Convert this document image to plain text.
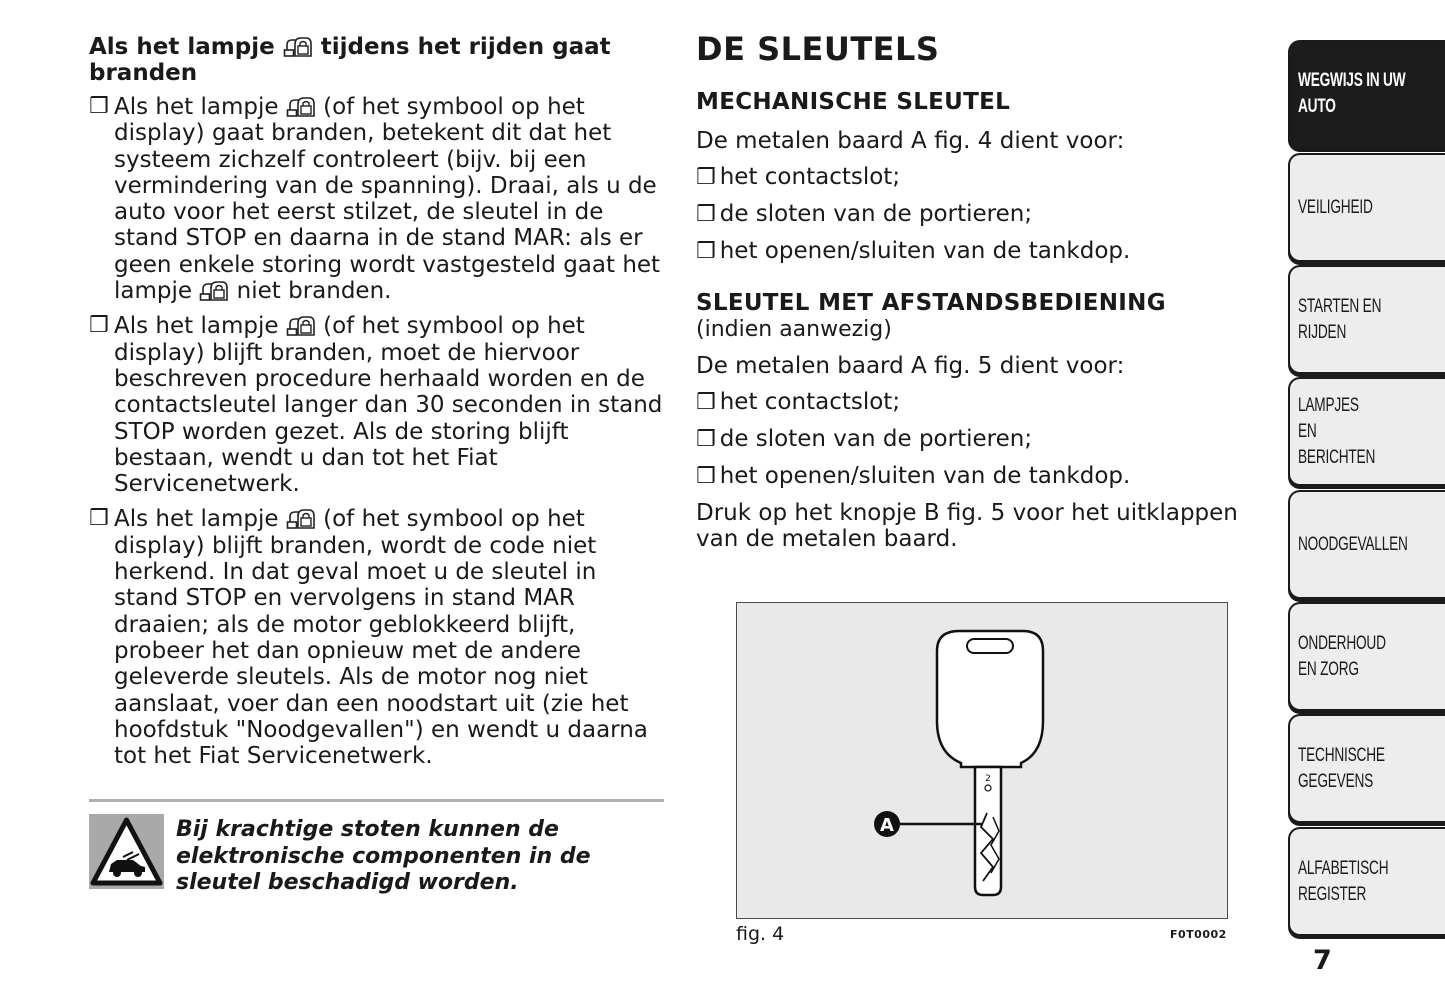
Als het lampje tijdens het rijden gaat branden
❒ Als het lampje (of het symbool op het display) gaat branden, betekent dit dat het systeem zichzelf controleert (bijv. bij een vermindering van de spanning). Draai, als u de auto voor het eerst stilzet, de sleutel in de stand STOP en daarna in de stand MAR: als er geen enkele storing wordt vastgesteld gaat het lampje niet branden.
❒ Als het lampje (of het symbool op het display) blijft branden, moet de hiervoor beschreven procedure herhaald worden en de contactsleutel langer dan 30 seconden in stand STOP worden gezet. Als de storing blijft bestaan, wendt u dan tot het Fiat Servicenetwerk.
❒ Als het lampje (of het symbool op het display) blijft branden, wordt de code niet herkend. In dat geval moet u de sleutel in stand STOP en vervolgens in stand MAR draaien; als de motor geblokkeerd blijft, probeer het dan opnieuw met de andere geleverde sleutels. Als de motor nog niet aanslaat, voer dan een noodstart uit (zie het hoofdstuk "Noodgevallen") en wendt u daarna tot het Fiat Servicenetwerk.
Bij krachtige stoten kunnen de elektronische componenten in de sleutel beschadigd worden.
DE SLEUTELS
MECHANISCHE SLEUTEL
De metalen baard A fig. 4 dient voor:
❒ het contactslot;
❒ de sloten van de portieren;
❒ het openen/sluiten van de tankdop.
SLEUTEL MET AFSTANDSBEDIENING
(indien aanwezig)
De metalen baard A fig. 5 dient voor:
❒ het contactslot;
❒ de sloten van de portieren;
❒ het openen/sluiten van de tankdop.
Druk op het knopje B fig. 5 voor het uitklappen van de metalen baard.
2
A
fig. 4	F0T0002
WEGWIJS IN UW AUTO
VEILIGHEID
STARTEN EN RIJDEN
LAMPJES EN BERICHTEN
NOODGEVALLEN
ONDERHOUD EN ZORG
TECHNISCHE GEGEVENS
ALFABETISCH REGISTER
7
